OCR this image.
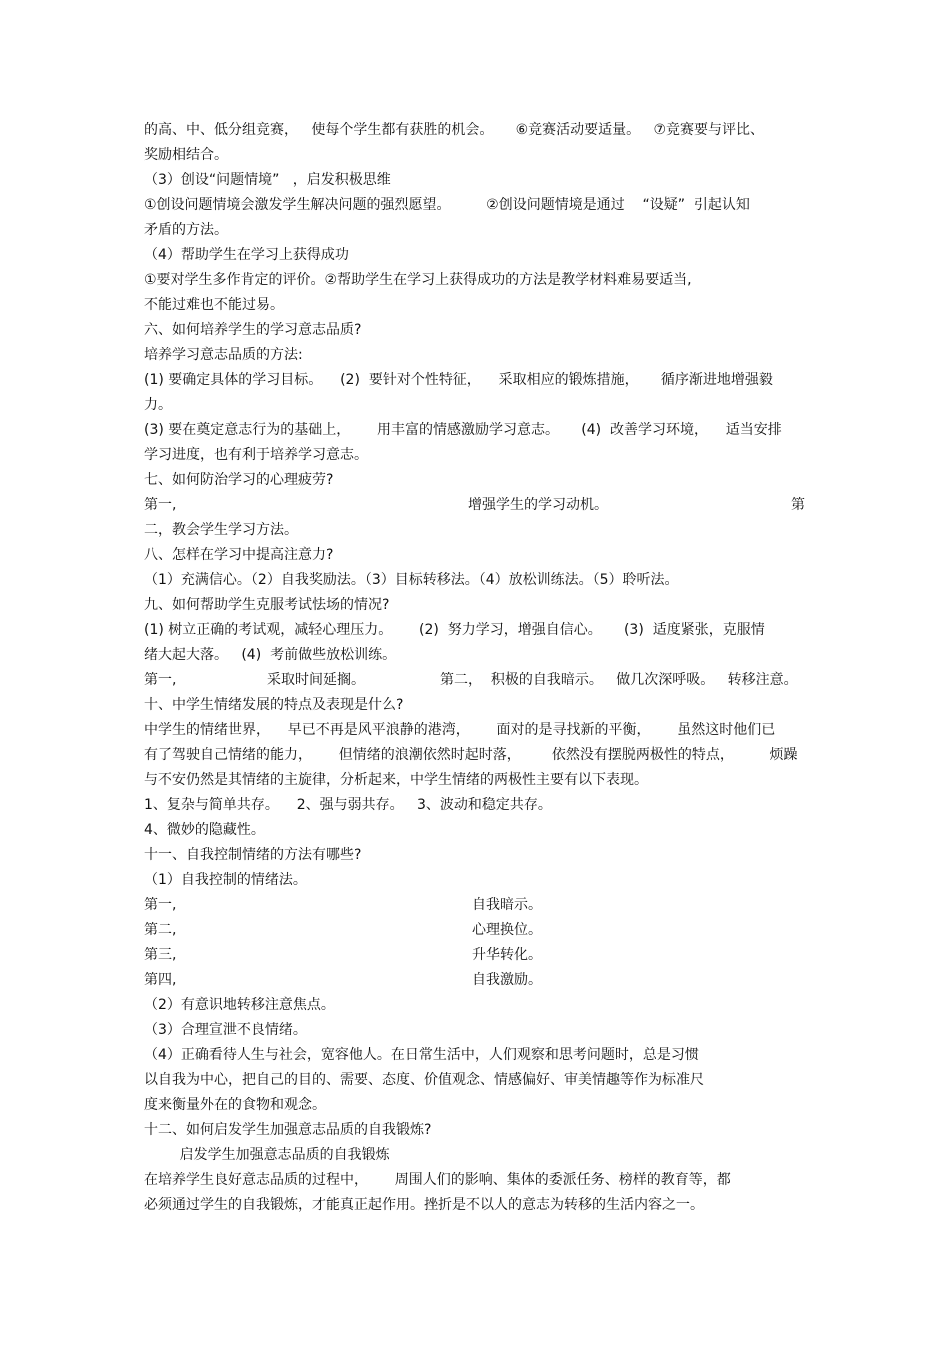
的高、中、低分组竞赛，   使每个学生都有获胜的机会。     ⑥竞赛活动要适量。   ⑦竞赛要与评比、
奖励相结合。
（3）创设“问题情境”   ，启发积极思维
①创设问题情境会激发学生解决问题的强烈愿望。        ②创设问题情境是通过    “设疑”  引起认知
矛盾的方法。
（4）帮助学生在学习上获得成功
①要对学生多作肯定的评价。②帮助学生在学习上获得成功的方法是教学材料难易要适当,
不能过难也不能过易。
六、如何培养学生的学习意志品质?
培养学习意志品质的方法:
(1) 要确定具体的学习目标。    (2)  要针对个性特征，    采取相应的锻炼措施，     循序渐进地增强毅
力。
(3) 要在奠定意志行为的基础上，      用丰富的情感激励学习意志。     (4)  改善学习环境，    适当安排
学习进度，也有利于培养学习意志。
七、如何防治学习的心理疲劳?
第一,	增强学生的学习动机。	第
二，教会学生学习方法。
八、怎样在学习中提高注意力?
（1）充满信心。（2）自我奖励法。（3）目标转移法。（4）放松训练法。（5）聆听法。
九、如何帮助学生克服考试怯场的情况?
(1) 树立正确的考试观，减轻心理压力。      (2)  努力学习，增强自信心。     (3)  适度紧张，克服情
绪大起大落。   (4)  考前做些放松训练。
第一,	采取时间延搁。	第二，  积极的自我暗示。   做几次深呼吸。   转移注意。
十、中学生情绪发展的特点及表现是什么?
中学生的情绪世界，    早已不再是风平浪静的港湾，      面对的是寻找新的平衡，      虽然这时他们已
有了驾驶自己情绪的能力，      但情绪的浪潮依然时起时落，       依然没有摆脱两极性的特点，        烦躁
与不安仍然是其情绪的主旋律，分析起来，中学生情绪的两极性主要有以下表现。
1、复杂与简单共存。    2、强与弱共存。   3、波动和稳定共存。
4、微妙的隐藏性。
十一、自我控制情绪的方法有哪些?
（1）自我控制的情绪法。
第一,	自我暗示。
第二,	心理换位。
第三,	升华转化。
第四,	自我激励。
（2）有意识地转移注意焦点。
（3）合理宣泄不良情绪。
（4）正确看待人生与社会，宽容他人。在日常生活中，人们观察和思考问题时，总是习惯
以自我为中心，把自己的目的、需要、态度、价值观念、情感偏好、审美情趣等作为标准尺
度来衡量外在的食物和观念。
十二、如何启发学生加强意志品质的自我锻炼?
启发学生加强意志品质的自我锻炼
在培养学生良好意志品质的过程中，      周围人们的影响、集体的委派任务、榜样的教育等，都
必须通过学生的自我锻炼，才能真正起作用。挫折是不以人的意志为转移的生活内容之一。
